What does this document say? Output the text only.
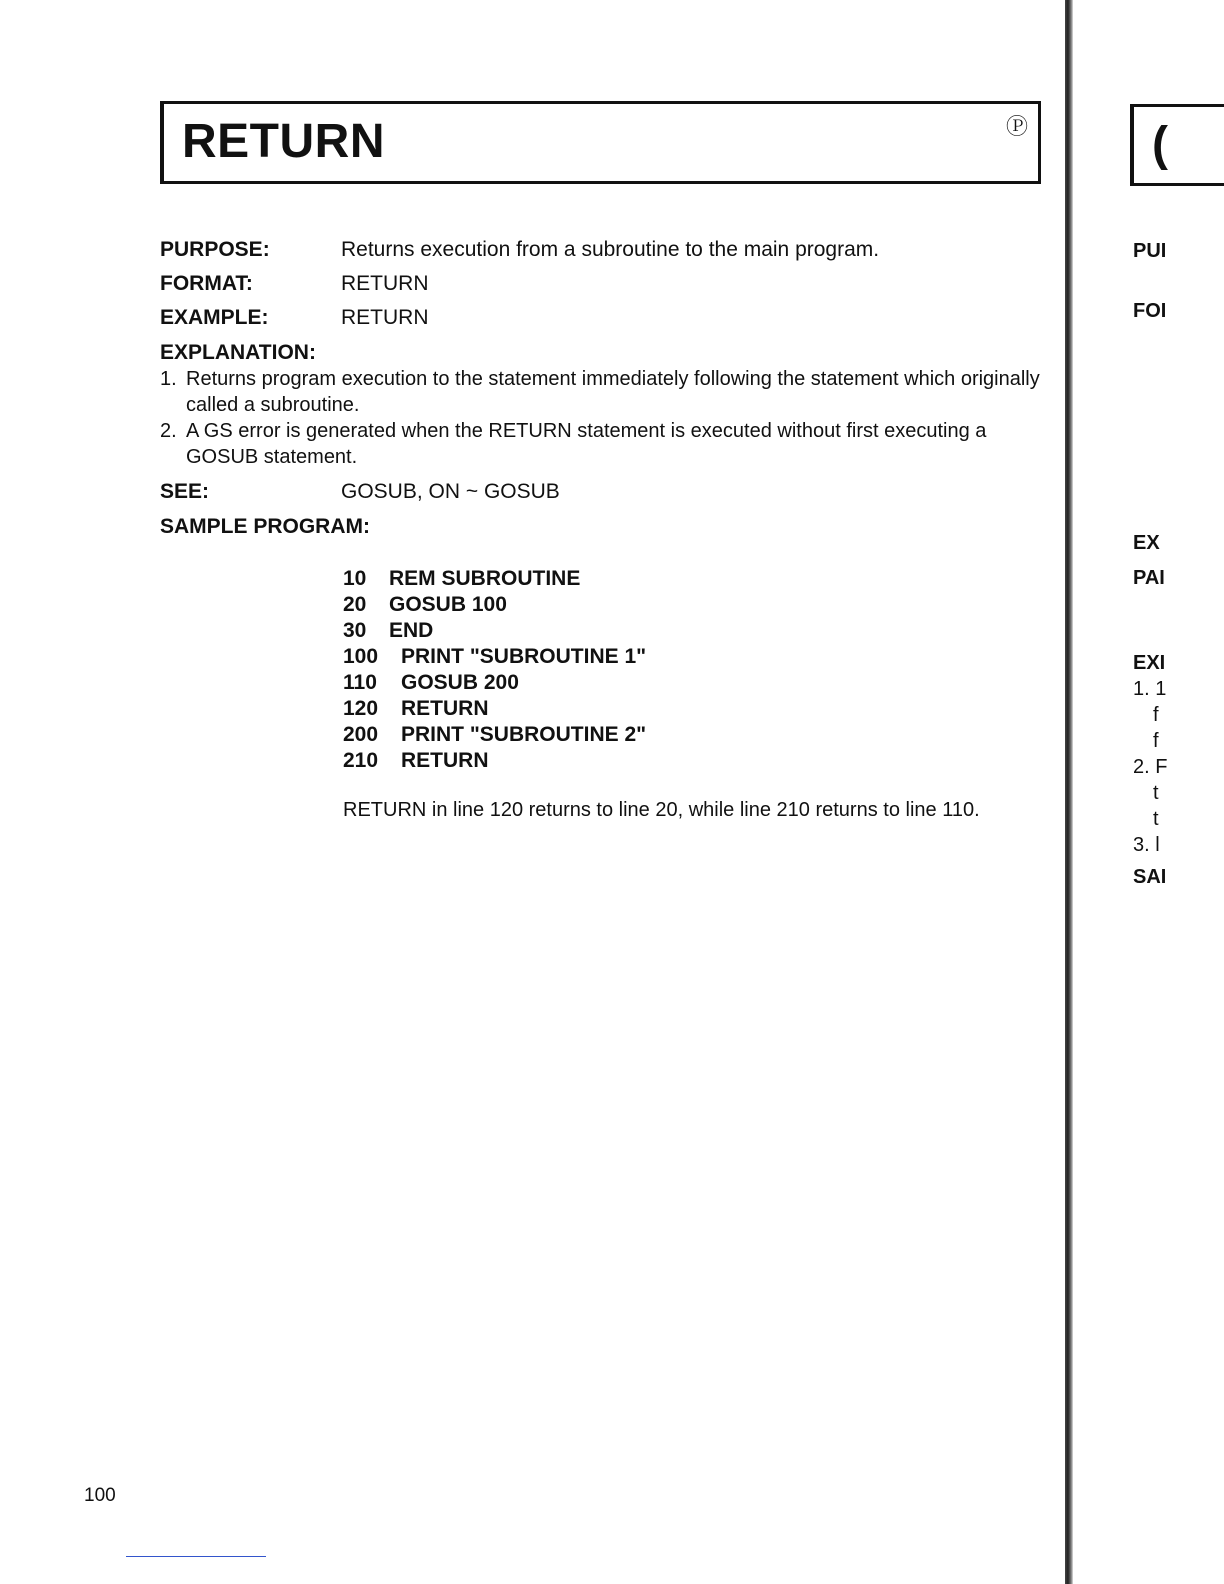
RETURN	Ⓟ
PURPOSE:	Returns execution from a subroutine to the main program.
FORMAT:	RETURN
EXAMPLE:	RETURN
EXPLANATION:
1. Returns program execution to the statement immediately following the statement which originally called a subroutine.
2. A GS error is generated when the RETURN statement is executed without first executing a GOSUB statement.
SEE:	GOSUB, ON ~ GOSUB
SAMPLE PROGRAM:
10 REM SUBROUTINE
20 GOSUB 100
30 END
100 PRINT "SUBROUTINE 1"
110 GOSUB 200
120 RETURN
200 PRINT "SUBROUTINE 2"
210 RETURN
RETURN in line 120 returns to line 20, while line 210 returns to line 110.
100
(
PUI
FOI
EX
PAI
EXI
1. 1
f
f
2. F
t
t
3. l
SAI
